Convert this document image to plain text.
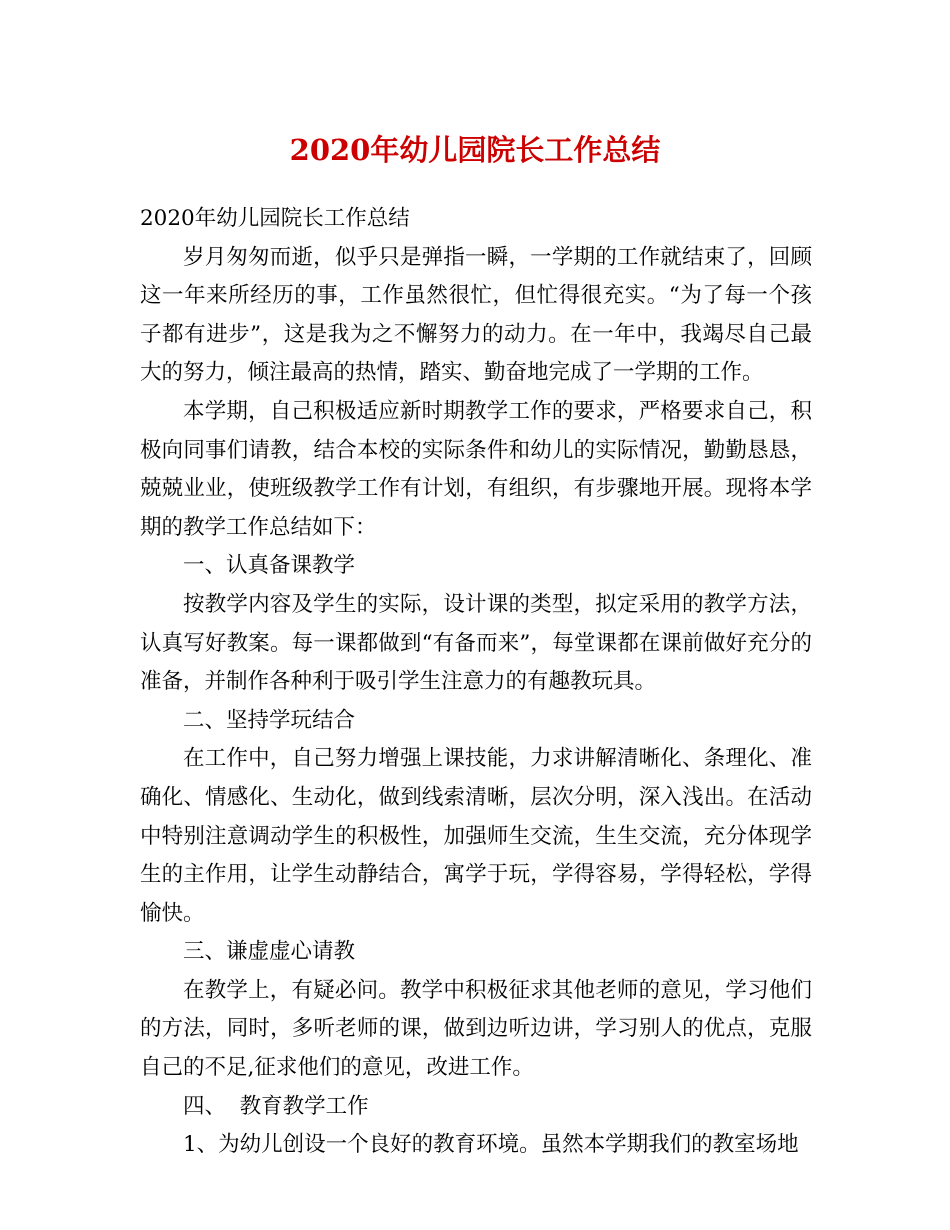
2020年幼儿园院长工作总结

2020年幼儿园院长工作总结

岁月匆匆而逝，似乎只是弹指一瞬，一学期的工作就结束了，回顾这一年来所经历的事，工作虽然很忙，但忙得很充实。“为了每一个孩子都有进步”，这是我为之不懈努力的动力。在一年中，我竭尽自己最大的努力，倾注最高的热情，踏实、勤奋地完成了一学期的工作。

本学期，自己积极适应新时期教学工作的要求，严格要求自己，积极向同事们请教，结合本校的实际条件和幼儿的实际情况，勤勤恳恳，兢兢业业，使班级教学工作有计划，有组织，有步骤地开展。现将本学期的教学工作总结如下：

一、认真备课教学

按教学内容及学生的实际，设计课的类型，拟定采用的教学方法，认真写好教案。每一课都做到“有备而来”，每堂课都在课前做好充分的准备，并制作各种利于吸引学生注意力的有趣教玩具。

二、坚持学玩结合

在工作中，自己努力增强上课技能，力求讲解清晰化、条理化、准确化、情感化、生动化，做到线索清晰，层次分明，深入浅出。在活动中特别注意调动学生的积极性，加强师生交流，生生交流，充分体现学生的主作用，让学生动静结合，寓学于玩，学得容易，学得轻松，学得愉快。

三、谦虚虚心请教

在教学上，有疑必问。教学中积极征求其他老师的意见，学习他们的方法，同时，多听老师的课，做到边听边讲，学习别人的优点，克服自己的不足,征求他们的意见，改进工作。

四、  教育教学工作

1、为幼儿创设一个良好的教育环境。虽然本学期我们的教室场地
